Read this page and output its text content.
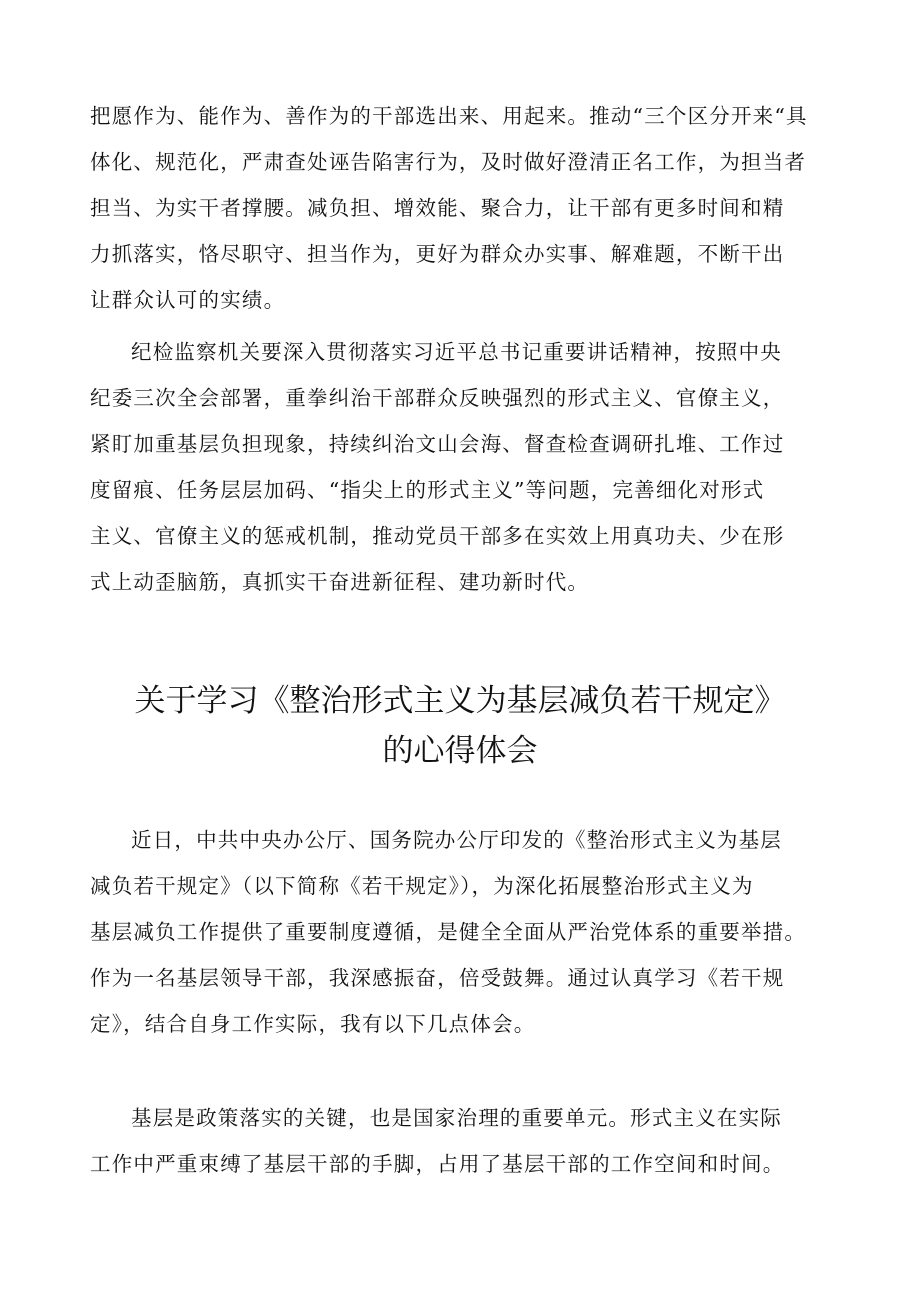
把愿作为、能作为、善作为的干部选出来、用起来。推动“三个区分开来“具
体化、规范化，严肃查处诬告陷害行为，及时做好澄清正名工作，为担当者
担当、为实干者撑腰。减负担、增效能、聚合力，让干部有更多时间和精
力抓落实，恪尽职守、担当作为，更好为群众办实事、解难题，不断干出
让群众认可的实绩。
纪检监察机关要深入贯彻落实习近平总书记重要讲话精神，按照中央
纪委三次全会部署，重拳纠治干部群众反映强烈的形式主义、官僚主义，
紧盯加重基层负担现象，持续纠治文山会海、督查检查调研扎堆、工作过
度留痕、任务层层加码、“指尖上的形式主义”等问题，完善细化对形式
主义、官僚主义的惩戒机制，推动党员干部多在实效上用真功夫、少在形
式上动歪脑筋，真抓实干奋进新征程、建功新时代。
关于学习《整治形式主义为基层减负若干规定》
的心得体会
近日，中共中央办公厅、国务院办公厅印发的《整治形式主义为基层
减负若干规定》（以下简称《若干规定》），为深化拓展整治形式主义为
基层减负工作提供了重要制度遵循，是健全全面从严治党体系的重要举措。
作为一名基层领导干部，我深感振奋，倍受鼓舞。通过认真学习《若干规
定》，结合自身工作实际，我有以下几点体会。
基层是政策落实的关键，也是国家治理的重要单元。形式主义在实际
工作中严重束缚了基层干部的手脚，占用了基层干部的工作空间和时间。
